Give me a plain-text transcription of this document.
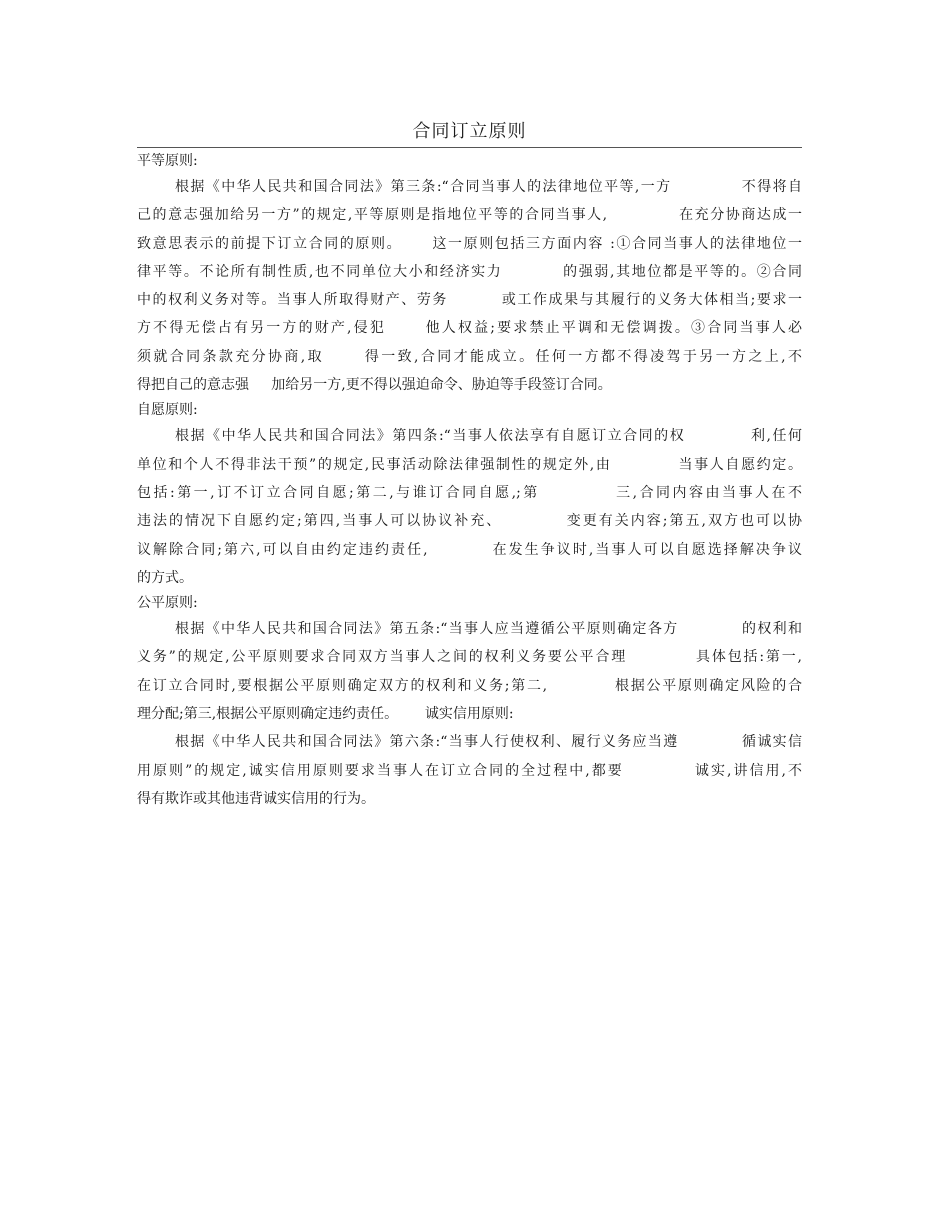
合同订立原则
平等原则:
根据《中华人民共和国合同法》第三条:“合同当事人的法律地位平等,一方            不得将自
己的意志强加给另一方”的规定,平等原则是指地位平等的合同当事人,            在充分协商达成一
致意思表示的前提下订立合同的原则。     这一原则包括三方面内容 :①合同当事人的法律地位一
律平等。不论所有制性质,也不同单位大小和经济实力          的强弱,其地位都是平等的。②合同
中的权利义务对等。当事人所取得财产、劳务         或工作成果与其履行的义务大体相当;要求一
方不得无偿占有另一方的财产,侵犯      他人权益;要求禁止平调和无偿调拨。③合同当事人必
须就合同条款充分协商,取      得一致,合同才能成立。任何一方都不得凌驾于另一方之上,不
得把自己的意志强     加给另一方,更不得以强迫命令、胁迫等手段签订合同。
自愿原则:
根据《中华人民共和国合同法》第四条:“当事人依法享有自愿订立合同的权           利,任何
单位和个人不得非法干预”的规定,民事活动除法律强制性的规定外,由           当事人自愿约定。
包括:第一,订不订立合同自愿;第二,与谁订合同自愿,;第           三,合同内容由当事人在不
违法的情况下自愿约定;第四,当事人可以协议补充、          变更有关内容;第五,双方也可以协
议解除合同;第六,可以自由约定违约责任,          在发生争议时,当事人可以自愿选择解决争议
的方式。
公平原则:
根据《中华人民共和国合同法》第五条:“当事人应当遵循公平原则确定各方           的权利和
义务”的规定,公平原则要求合同双方当事人之间的权利义务要公平合理           具体包括:第一,
在订立合同时,要根据公平原则确定双方的权利和义务;第二,           根据公平原则确定风险的合
理分配;第三,根据公平原则确定违约责任。      诚实信用原则:
根据《中华人民共和国合同法》第六条:“当事人行使权利、履行义务应当遵           循诚实信
用原则”的规定,诚实信用原则要求当事人在订立合同的全过程中,都要           诚实,讲信用,不
得有欺诈或其他违背诚实信用的行为。
